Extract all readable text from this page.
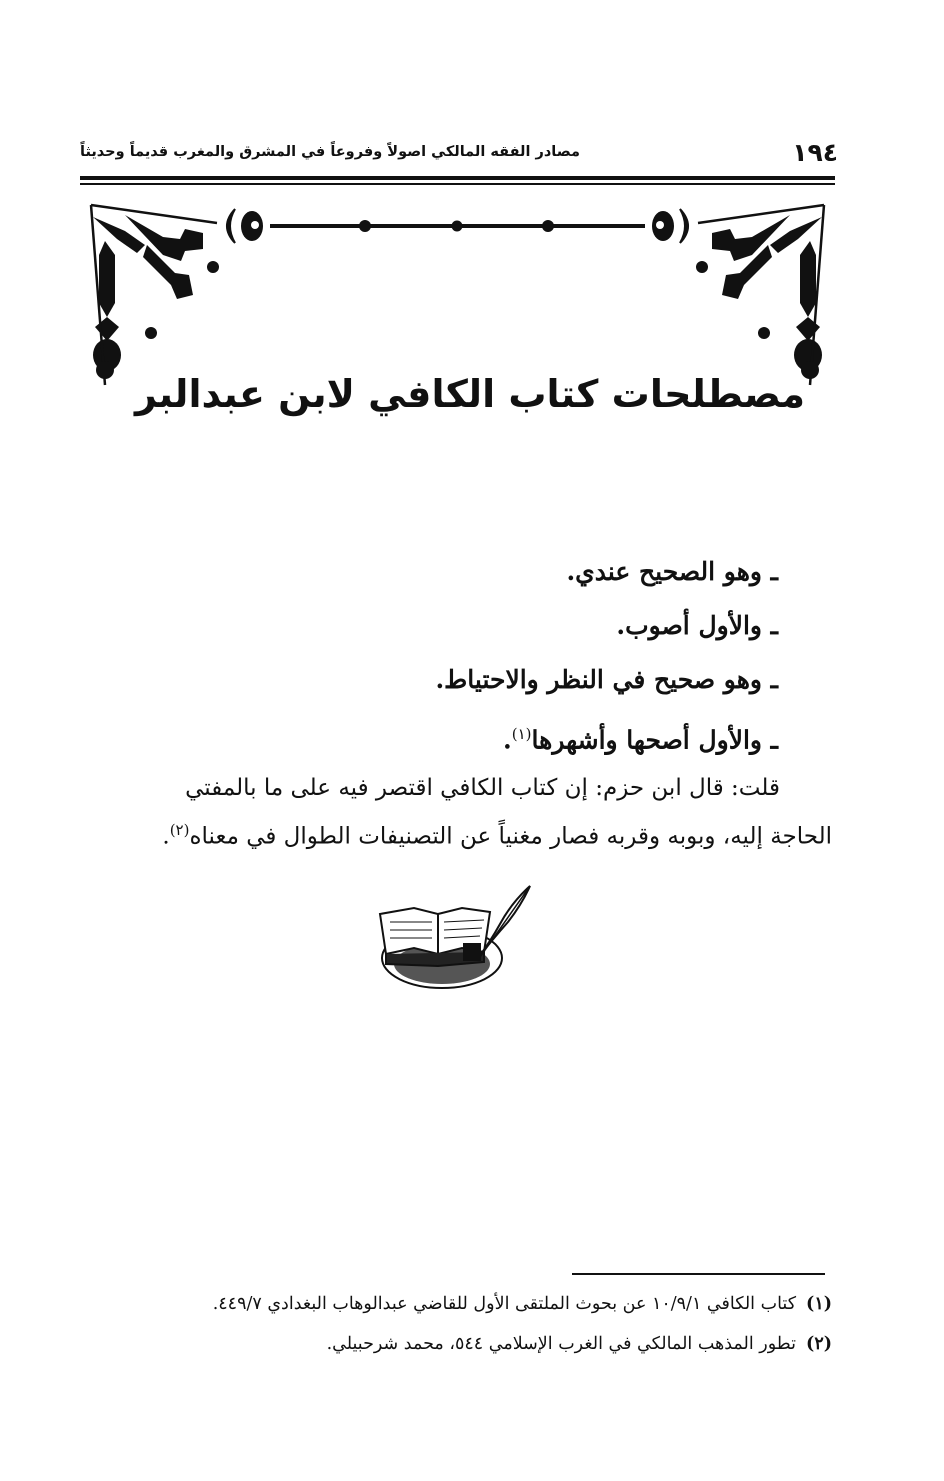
١٩٤
مصادر الفقه المالكي اصولاً وفروعاً في المشرق والمغرب قديماً وحديثاً
مصطلحات كتاب الكافي لابن عبدالبر
ـ وهو الصحيح عندي.
ـ والأول أصوب.
ـ وهو صحيح في النظر والاحتياط.
ـ والأول أصحها وأشهرها$^{(١)}$.
قلت: قال ابن حزم: إن كتاب الكافي اقتصر فيه على ما بالمفتي
الحاجة إليه، وبوبه وقربه فصار مغنياً عن التصنيفات الطوال في معناه$^{(٢)}$.
(١)كتاب الكافي ١٠/٩/١ عن بحوث الملتقى الأول للقاضي عبدالوهاب البغدادي ٤٤٩/٧.
(٢)تطور المذهب المالكي في الغرب الإسلامي ٥٤٤، محمد شرحبيلي.
